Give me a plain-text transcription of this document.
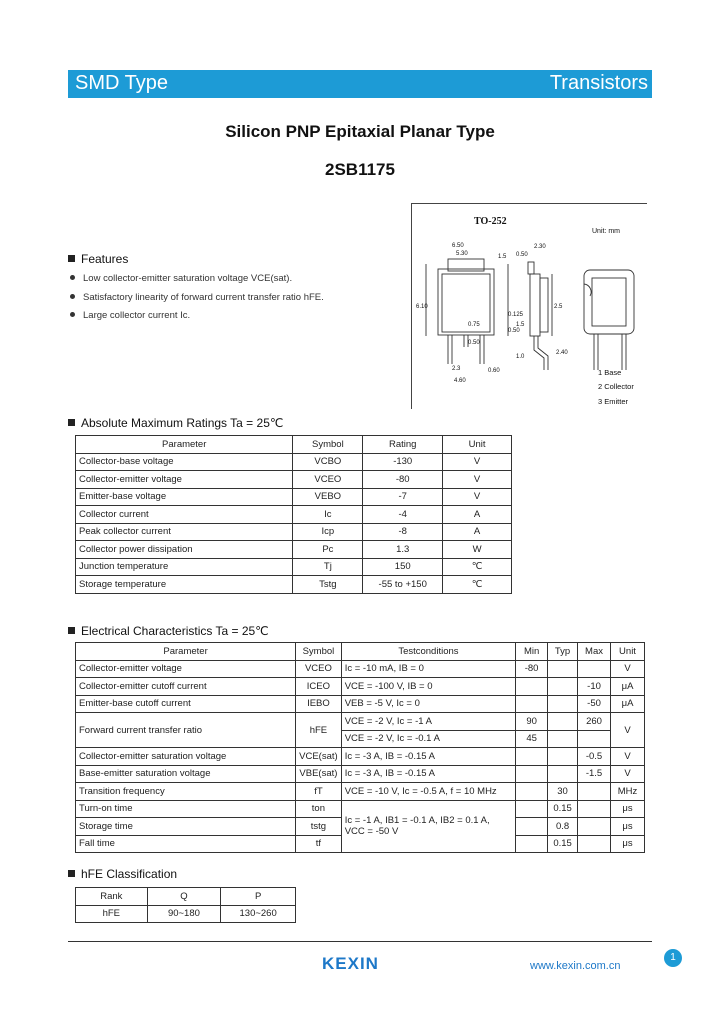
SMD Type	Transistors
Silicon PNP Epitaxial Planar Type
2SB1175
TO-252
Unit: mm
6.50
5.30
2.30
0.50
1.5
6.10
0.75
0.50
2.3
4.60
0.60
1.0
1.5
0.125
2.5
0.50
2.40
1 Base
2 Collector
3 Emitter
Features
Low collector-emitter saturation voltage VCE(sat).
Satisfactory linearity of forward current transfer ratio hFE.
Large collector current Ic.
Absolute Maximum Ratings Ta = 25℃
Parameter	Symbol	Rating	Unit
Collector-base voltage	VCBO	-130	V
Collector-emitter voltage	VCEO	-80	V
Emitter-base voltage	VEBO	-7	V
Collector current	Ic	-4	A
Peak collector current	Icp	-8	A
Collector power dissipation	Pc	1.3	W
Junction temperature	Tj	150	℃
Storage temperature	Tstg	-55 to +150	℃
Electrical Characteristics Ta = 25℃
Parameter	Symbol	Testconditions	Min	Typ	Max	Unit
Collector-emitter voltage	VCEO	Ic = -10 mA, IB = 0	-80			V
Collector-emitter cutoff current	ICEO	VCE = -100 V, IB = 0			-10	μA
Emitter-base cutoff current	IEBO	VEB = -5 V, Ic = 0			-50	μA
Forward current transfer ratio	hFE	VCE = -2 V, Ic = -1 A	90		260	V
		VCE = -2 V, Ic = -0.1 A	45			
Collector-emitter saturation voltage	VCE(sat)	Ic = -3 A, IB = -0.15 A			-0.5	V
Base-emitter saturation voltage	VBE(sat)	Ic = -3 A, IB = -0.15 A			-1.5	V
Transition frequency	fT	VCE = -10 V, Ic = -0.5 A, f = 10 MHz		30		MHz
Turn-on time	ton	Ic = -1 A, IB1 = -0.1 A, IB2 = 0.1 A, VCC = -50 V		0.15		μs
Storage time	tstg			0.8		μs
Fall time	tf			0.15		μs
hFE Classification
Rank	Q	P
hFE	90~180	130~260
KEXIN	www.kexin.com.cn
1
